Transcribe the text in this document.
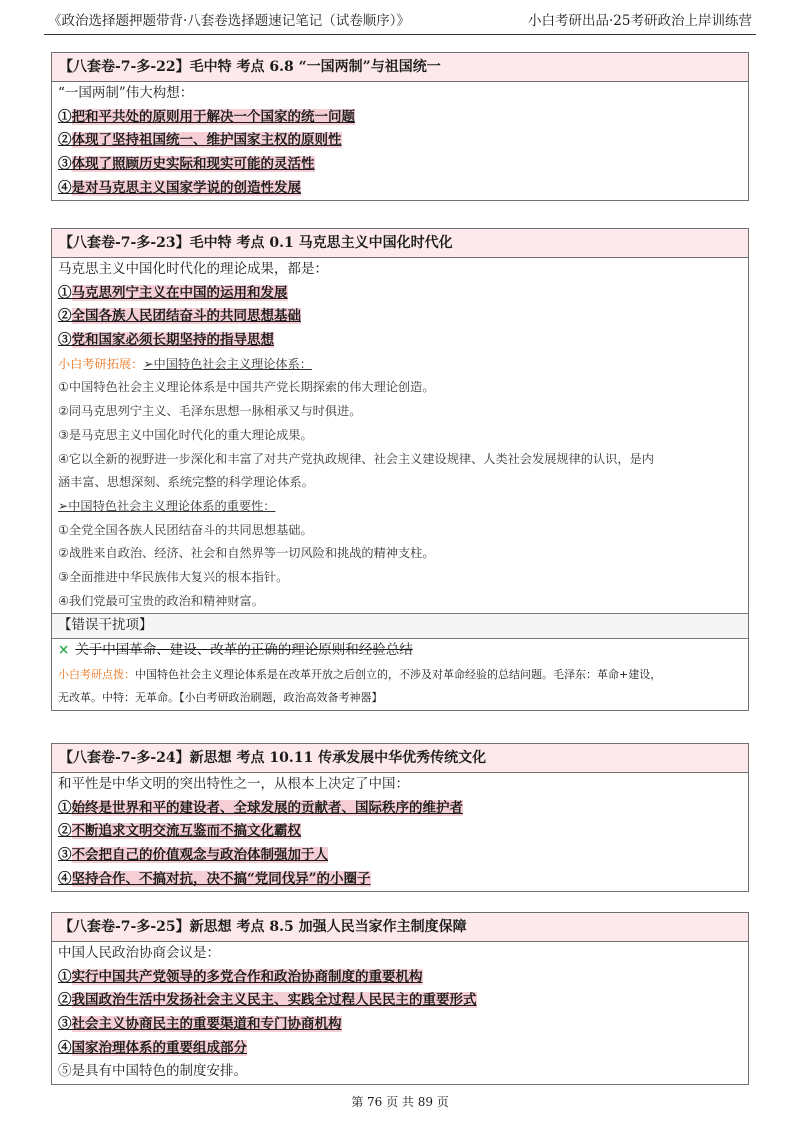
《政治选择题押题带背·八套卷选择题速记笔记（试卷顺序）》	小白考研出品·25考研政治上岸训练营
【八套卷-7-多-22】毛中特 考点 6.8 “一国两制”与祖国统一
“一国两制”伟大构想：
①把和平共处的原则用于解决一个国家的统一问题
②体现了坚持祖国统一、维护国家主权的原则性
③体现了照顾历史实际和现实可能的灵活性
④是对马克思主义国家学说的创造性发展
【八套卷-7-多-23】毛中特 考点 0.1 马克思主义中国化时代化
马克思主义中国化时代化的理论成果，都是：
①马克思列宁主义在中国的运用和发展
②全国各族人民团结奋斗的共同思想基础
③党和国家必须长期坚持的指导思想
小白考研拓展：➢中国特色社会主义理论体系：
①中国特色社会主义理论体系是中国共产党长期探索的伟大理论创造。
②同马克思列宁主义、毛泽东思想一脉相承又与时俱进。
③是马克思主义中国化时代化的重大理论成果。
④它以全新的视野进一步深化和丰富了对共产党执政规律、社会主义建设规律、人类社会发展规律的认识，是内
涵丰富、思想深刻、系统完整的科学理论体系。
➢中国特色社会主义理论体系的重要性：
①全党全国各族人民团结奋斗的共同思想基础。
②战胜来自政治、经济、社会和自然界等一切风险和挑战的精神支柱。
③全面推进中华民族伟大复兴的根本指针。
④我们党最可宝贵的政治和精神财富。
【错误干扰项】
× 关于中国革命、建设、改革的正确的理论原则和经验总结
小白考研点拨：中国特色社会主义理论体系是在改革开放之后创立的，不涉及对革命经验的总结问题。毛泽东：革命+建设，
无改革。中特：无革命。【小白考研政治刷题，政治高效备考神器】
【八套卷-7-多-24】新思想 考点 10.11 传承发展中华优秀传统文化
和平性是中华文明的突出特性之一，从根本上决定了中国：
①始终是世界和平的建设者、全球发展的贡献者、国际秩序的维护者
②不断追求文明交流互鉴而不搞文化霸权
③不会把自己的价值观念与政治体制强加于人
④坚持合作、不搞对抗，决不搞“党同伐异”的小圈子
【八套卷-7-多-25】新思想 考点 8.5 加强人民当家作主制度保障
中国人民政治协商会议是：
①实行中国共产党领导的多党合作和政治协商制度的重要机构
②我国政治生活中发扬社会主义民主、实践全过程人民民主的重要形式
③社会主义协商民主的重要渠道和专门协商机构
④国家治理体系的重要组成部分
⑤是具有中国特色的制度安排。
第 76 页 共 89 页
